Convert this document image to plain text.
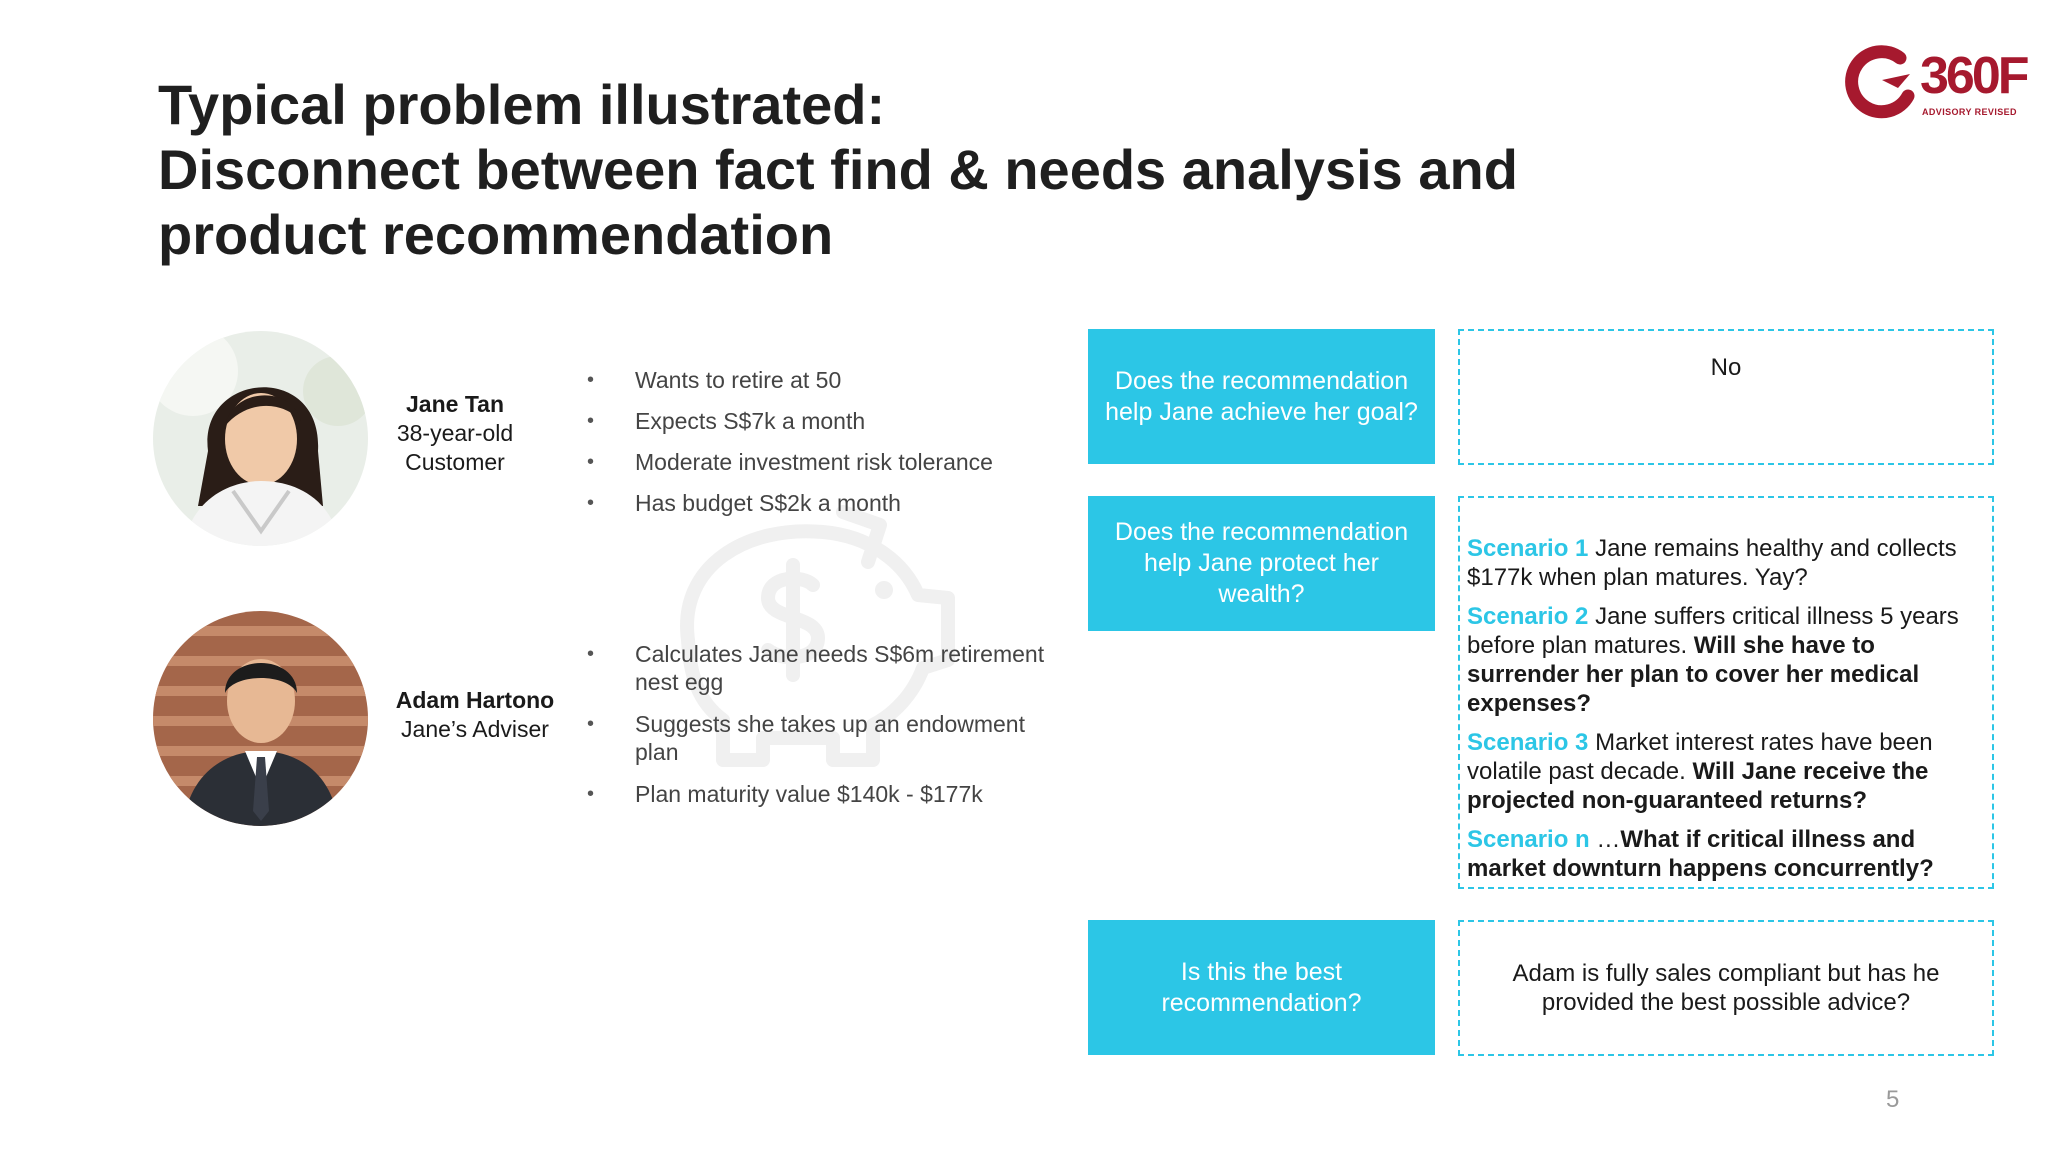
Typical problem illustrated:
Disconnect between fact find & needs analysis and
product recommendation
360F
ADVISORY REVISED
Jane Tan
38-year-old
Customer
• Wants to retire at 50
• Expects S$7k a month
• Moderate investment risk tolerance
• Has budget S$2k a month
Adam Hartono
Jane’s Adviser
• Calculates Jane needs S$6m retirement nest egg
• Suggests she takes up an endowment plan
• Plan maturity value $140k - $177k
Does the recommendation help Jane achieve her goal?
Does the recommendation help Jane protect her wealth?
Is this the best recommendation?
No

Scenario 1 Jane remains healthy and collects $177k when plan matures. Yay?

Scenario 2 Jane suffers critical illness 5 years before plan matures. Will she have to surrender her plan to cover her medical expenses?

Scenario 3 Market interest rates have been volatile past decade. Will Jane receive the projected non-guaranteed returns?

Scenario n …What if critical illness and market downturn happens concurrently?

Adam is fully sales compliant but has he provided the best possible advice?
5
